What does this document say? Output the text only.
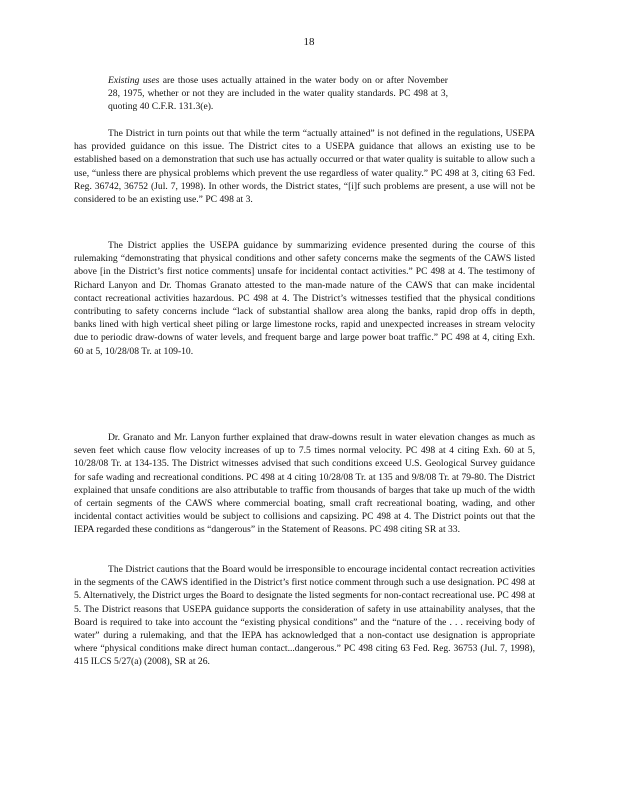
18
Existing uses are those uses actually attained in the water body on or after November 28, 1975, whether or not they are included in the water quality standards. PC 498 at 3, quoting 40 C.F.R. 131.3(e).

The District in turn points out that while the term “actually attained” is not defined in the regulations, USEPA has provided guidance on this issue. The District cites to a USEPA guidance that allows an existing use to be established based on a demonstration that such use has actually occurred or that water quality is suitable to allow such a use, “unless there are physical problems which prevent the use regardless of water quality.” PC 498 at 3, citing 63 Fed. Reg. 36742, 36752 (Jul. 7, 1998). In other words, the District states, “[i]f such problems are present, a use will not be considered to be an existing use.” PC 498 at 3.

The District applies the USEPA guidance by summarizing evidence presented during the course of this rulemaking “demonstrating that physical conditions and other safety concerns make the segments of the CAWS listed above [in the District’s first notice comments] unsafe for incidental contact activities.” PC 498 at 4. The testimony of Richard Lanyon and Dr. Thomas Granato attested to the man-made nature of the CAWS that can make incidental contact recreational activities hazardous. PC 498 at 4. The District’s witnesses testified that the physical conditions contributing to safety concerns include “lack of substantial shallow area along the banks, rapid drop offs in depth, banks lined with high vertical sheet piling or large limestone rocks, rapid and unexpected increases in stream velocity due to periodic draw-downs of water levels, and frequent barge and large power boat traffic.” PC 498 at 4, citing Exh. 60 at 5, 10/28/08 Tr. at 109-10.

Dr. Granato and Mr. Lanyon further explained that draw-downs result in water elevation changes as much as seven feet which cause flow velocity increases of up to 7.5 times normal velocity. PC 498 at 4 citing Exh. 60 at 5, 10/28/08 Tr. at 134-135. The District witnesses advised that such conditions exceed U.S. Geological Survey guidance for safe wading and recreational conditions. PC 498 at 4 citing 10/28/08 Tr. at 135 and 9/8/08 Tr. at 79-80. The District explained that unsafe conditions are also attributable to traffic from thousands of barges that take up much of the width of certain segments of the CAWS where commercial boating, small craft recreational boating, wading, and other incidental contact activities would be subject to collisions and capsizing. PC 498 at 4. The District points out that the IEPA regarded these conditions as “dangerous” in the Statement of Reasons. PC 498 citing SR at 33.

The District cautions that the Board would be irresponsible to encourage incidental contact recreation activities in the segments of the CAWS identified in the District’s first notice comment through such a use designation. PC 498 at 5. Alternatively, the District urges the Board to designate the listed segments for non-contact recreational use. PC 498 at 5. The District reasons that USEPA guidance supports the consideration of safety in use attainability analyses, that the Board is required to take into account the “existing physical conditions” and the “nature of the . . . receiving body of water” during a rulemaking, and that the IEPA has acknowledged that a non-contact use designation is appropriate where “physical conditions make direct human contact...dangerous.” PC 498 citing 63 Fed. Reg. 36753 (Jul. 7, 1998), 415 ILCS 5/27(a) (2008), SR at 26.
